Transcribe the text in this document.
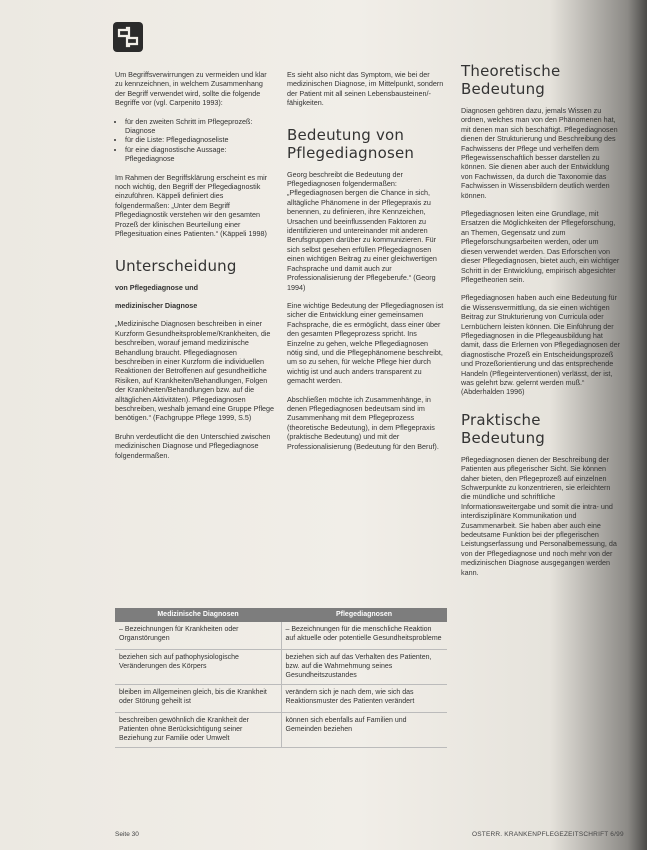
Um Begriffsverwirrungen zu vermeiden und klar zu kennzeichnen, in welchem Zusammenhang der Begriff verwendet wird, sollte die folgende Begriffe vor (vgl. Carpenito 1993):

• für den zweiten Schritt im Pflegeprozeß: Diagnose
• für die Liste: Pflegediagnoseliste
• für eine diagnostische Aussage: Pflegediagnose

Im Rahmen der Begriffsklärung erscheint es mir noch wichtig, den Begriff der Pflegediagnostik einzuführen. Käppeli definiert dies folgendermaßen: „Unter dem Begriff Pflegediagnostik verstehen wir den gesamten Prozeß der klinischen Beurteilung einer Pflegesituation eines Patienten.“ (Käppeli 1998)

Unterscheidung

von Pflegediagnose und

medizinischer Diagnose

„Medizinische Diagnosen beschreiben in einer Kurzform Gesundheitsprobleme/Krankheiten, die beschreiben, worauf jemand medizinische Behandlung braucht. Pflegediagnosen beschreiben in einer Kurzform die individuellen Reaktionen der Betroffenen auf gesundheitliche Risiken, auf Krankheiten/Behandlungen, Folgen der Krankheiten/Behandlungen bzw. auf die alltäglichen Aktivitäten). Pflegediagnosen beschreiben, weshalb jemand eine Gruppe Pflege benötigen.“ (Fachgruppe Pflege 1999, S.5)

Bruhn verdeutlicht die den Unterschied zwischen medizinischen Diagnose und Pflegediagnose folgendermaßen.

Es sieht also nicht das Symptom, wie bei der medizinischen Diagnose, im Mittelpunkt, sondern der Patient mit all seinen Lebensbausteinen/-fähigkeiten.

Bedeutung von
Pflegediagnosen

Georg beschreibt die Bedeutung der Pflegediagnosen folgendermaßen: „Pflegediagnosen bergen die Chance in sich, alltägliche Phänomene in der Pflegepraxis zu benennen, zu definieren, ihre Kennzeichen, Ursachen und beeinflussenden Faktoren zu identifizieren und untereinander mit anderen Berufsgruppen darüber zu kommunizieren. Für sich selbst gesehen erfüllen Pflegediagnosen einen wichtigen Beitrag zu einer gleichwertigen Fachsprache und damit auch zur Professionalisierung der Pflegeberufe.“ (Georg 1994)

Eine wichtige Bedeutung der Pflegediagnosen ist sicher die Entwicklung einer gemeinsamen Fachsprache, die es ermöglicht, dass einer über den gesamten Pflegeprozess spricht. Ins Einzelne zu gehen, welche Pflegediagnosen nötig sind, und die Pflegephänomene beschreibt, um so zu sehen, für welche Pflege hier durch wichtig ist und auch anders transparent zu gemacht werden.

Abschließen möchte ich Zusammenhänge, in denen Pflegediagnosen bedeutsam sind im Zusammenhang mit dem Pflegeprozess (theoretische Bedeutung), in dem Pflegepraxis (praktische Bedeutung) und mit der Professionalisierung (Bedeutung für den Beruf).

Theoretische Bedeutung

Diagnosen gehören dazu, jemals Wissen zu ordnen, welches man von den Phänomenen hat, mit denen man sich beschäftigt. Pflegediagnosen dienen der Strukturierung und Beschreibung des Fachwissens der Pflege und verhelfen dem Pflegewissenschaftlich besser darstellen zu können. Sie dienen aber auch der Entwicklung von Fachwissen, da durch die Taxonomie das Fachwissen in Wissensbildern deutlich werden können.

Pflegediagnosen leiten eine Grundlage, mit Ersatzen die Möglichkeiten der Pflegeforschung, an Themen, Gegensatz und zum Pflegeforschungsarbeiten werden, oder um diesen verwendet werden. Das Erforschen von dieser Pflegediagnosen, bietet auch, ein wichtiger Schritt in der Entwicklung, empirisch abgesichter Pflegetheorien sein.

Pflegediagnosen haben auch eine Bedeutung für die Wissensvermittlung, da sie einen wichtigen Beitrag zur Strukturierung von Curricula oder Lernbüchern leisten können. Die Einführung der Pflegediagnosen in die Pflegeausbildung hat damit, dass die Erlernen von Pflegediagnosen der diagnostische Prozeß ein Entscheidungsprozeß und Prozeßorientierung und das entsprechende Handeln (Pflegeinterventionen) verlässt, der ist, was gelehrt bzw. gelernt werden muß.“ (Abderhalden 1996)

Praktische Bedeutung

Pflegediagnosen dienen der Beschreibung der Patienten aus pflegerischer Sicht. Sie können daher bieten, den Pflegeprozeß auf einzelnen Schwerpunkte zu konzentrieren, sie erleichtern die mündliche und schriftliche Informationsweitergabe und somit die intra- und interdisziplinäre Kommunikation und Zusammenarbeit. Sie haben aber auch eine bedeutsame Funktion bei der pflegerischen Leistungserfassung und Personalbemessung, da von der Pflegediagnose und noch mehr von der medizinischen Diagnose ausgegangen werden kann.

Medizinische Diagnosen	Pflegediagnosen
– Bezeichnungen für Krankheiten oder Organstörungen
– Bezeichnungen für die menschliche Reaktion auf aktuelle oder potentielle Gesundheitsprobleme
beziehen sich auf pathophysiologische Veränderungen des Körpers
beziehen sich auf das Verhalten des Patienten, bzw. auf die Wahrnehmung seines Gesundheitszustandes
bleiben im Allgemeinen gleich, bis die Krankheit oder Störung geheilt ist
verändern sich je nach dem, wie sich das Reaktionsmuster des Patienten verändert
beschreiben gewöhnlich die Krankheit der Patienten ohne Berücksichtigung seiner Beziehung zur Familie oder Umwelt
können sich ebenfalls auf Familien und Gemeinden beziehen
Seite 30	OSTERR. KRANKENPFLEGEZEITSCHRIFT 6/99
